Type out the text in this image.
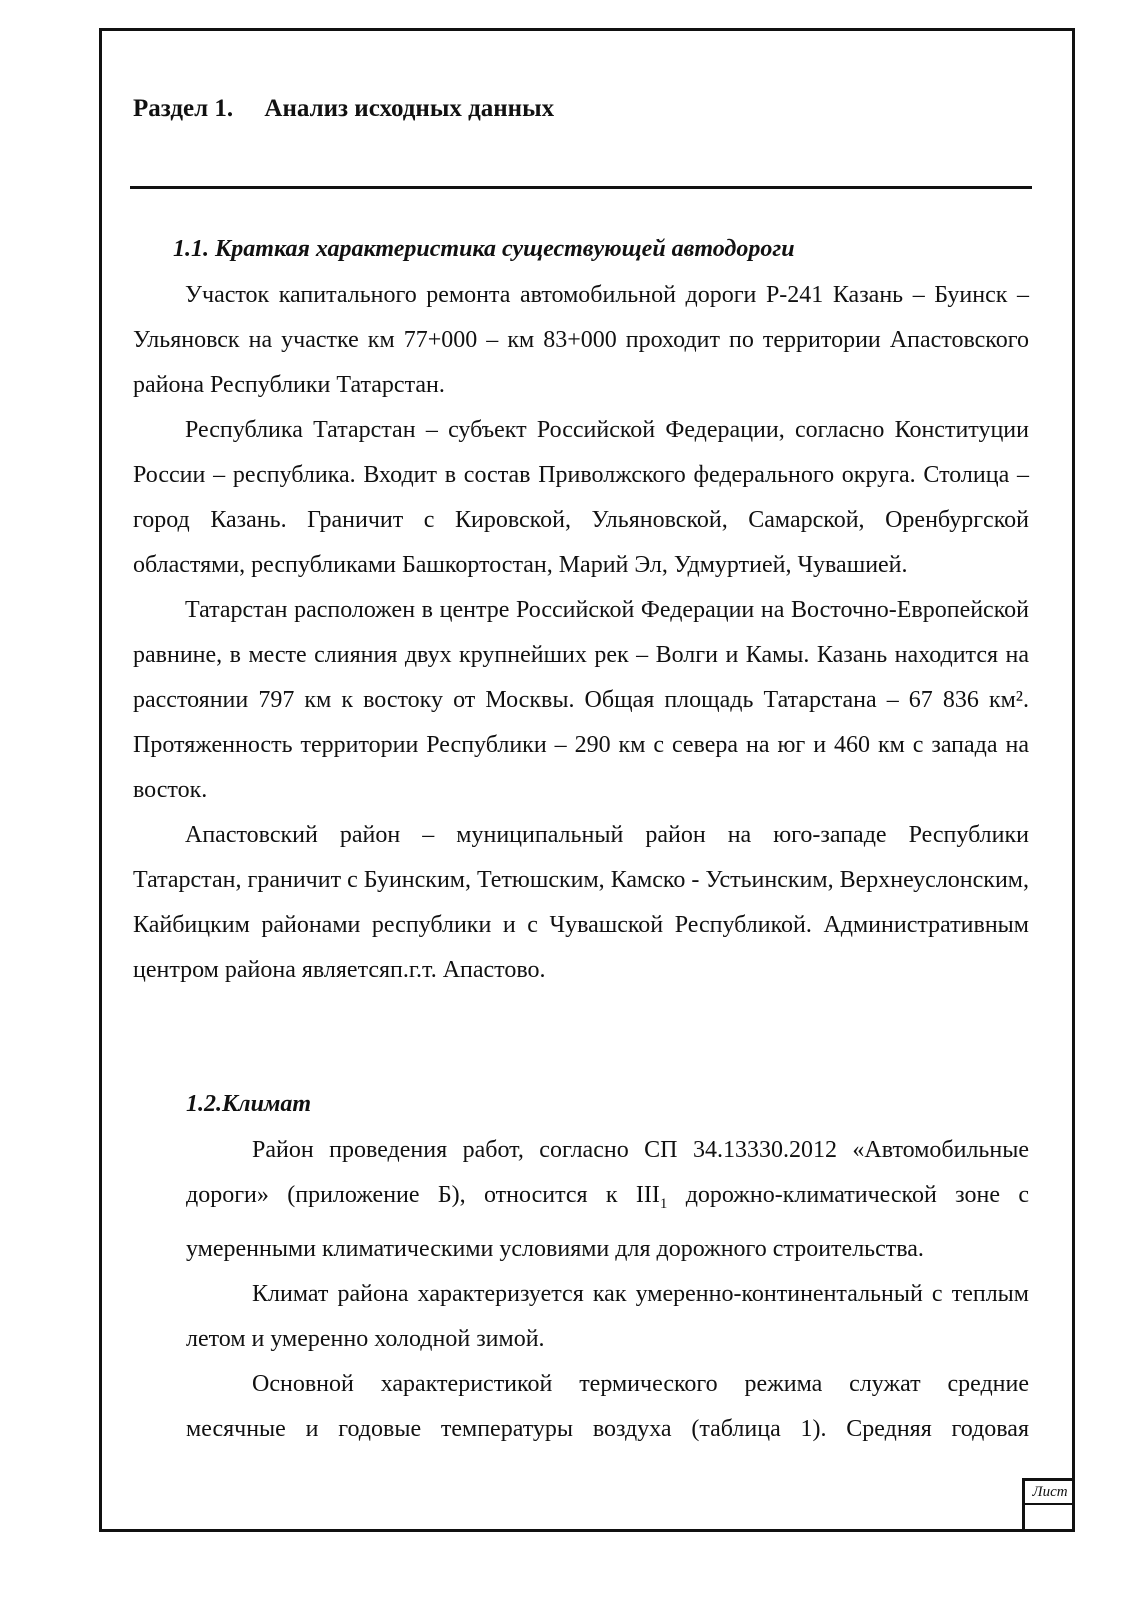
Раздел 1.     Анализ исходных данных
1.1. Краткая характеристика существующей автодороги

Участок капитального ремонта автомобильной дороги Р-241 Казань – Буинск – Ульяновск на участке км 77+000 – км 83+000 проходит по территории Апастовского района Республики Татарстан.

Республика Татарстан – субъект Российской Федерации, согласно Конституции России – республика. Входит в состав Приволжского федерального округа. Столица – город Казань. Граничит с Кировской, Ульяновской, Самарской, Оренбургской областями, республиками Башкортостан, Марий Эл, Удмуртией, Чувашией.

Татарстан расположен в центре Российской Федерации на Восточно-Европейской равнине, в месте слияния двух крупнейших рек – Волги и Камы. Казань находится на расстоянии 797 км к востоку от Москвы. Общая площадь Татарстана – 67 836 км². Протяженность территории Республики – 290 км с севера на юг и 460 км с запада на восток.

Апастовский район – муниципальный район на юго-западе Республики Татарстан, граничит с Буинским, Тетюшским, Камско - Устьинским, Верхнеуслонским, Кайбицким районами республики и с Чувашской Республикой. Административным центром района являетсяп.г.т. Апастово.

1.2.Климат

Район проведения работ, согласно СП 34.13330.2012 «Автомобильные дороги» (приложение Б), относится к $III_1$ дорожно-климатической зоне с умеренными климатическими условиями для дорожного строительства.

Климат района характеризуется как умеренно-континентальный с теплым летом и умеренно холодной зимой.

Основной характеристикой термического режима служат средние месячные и годовые температуры воздуха (таблица 1). Средняя годовая

Лист
